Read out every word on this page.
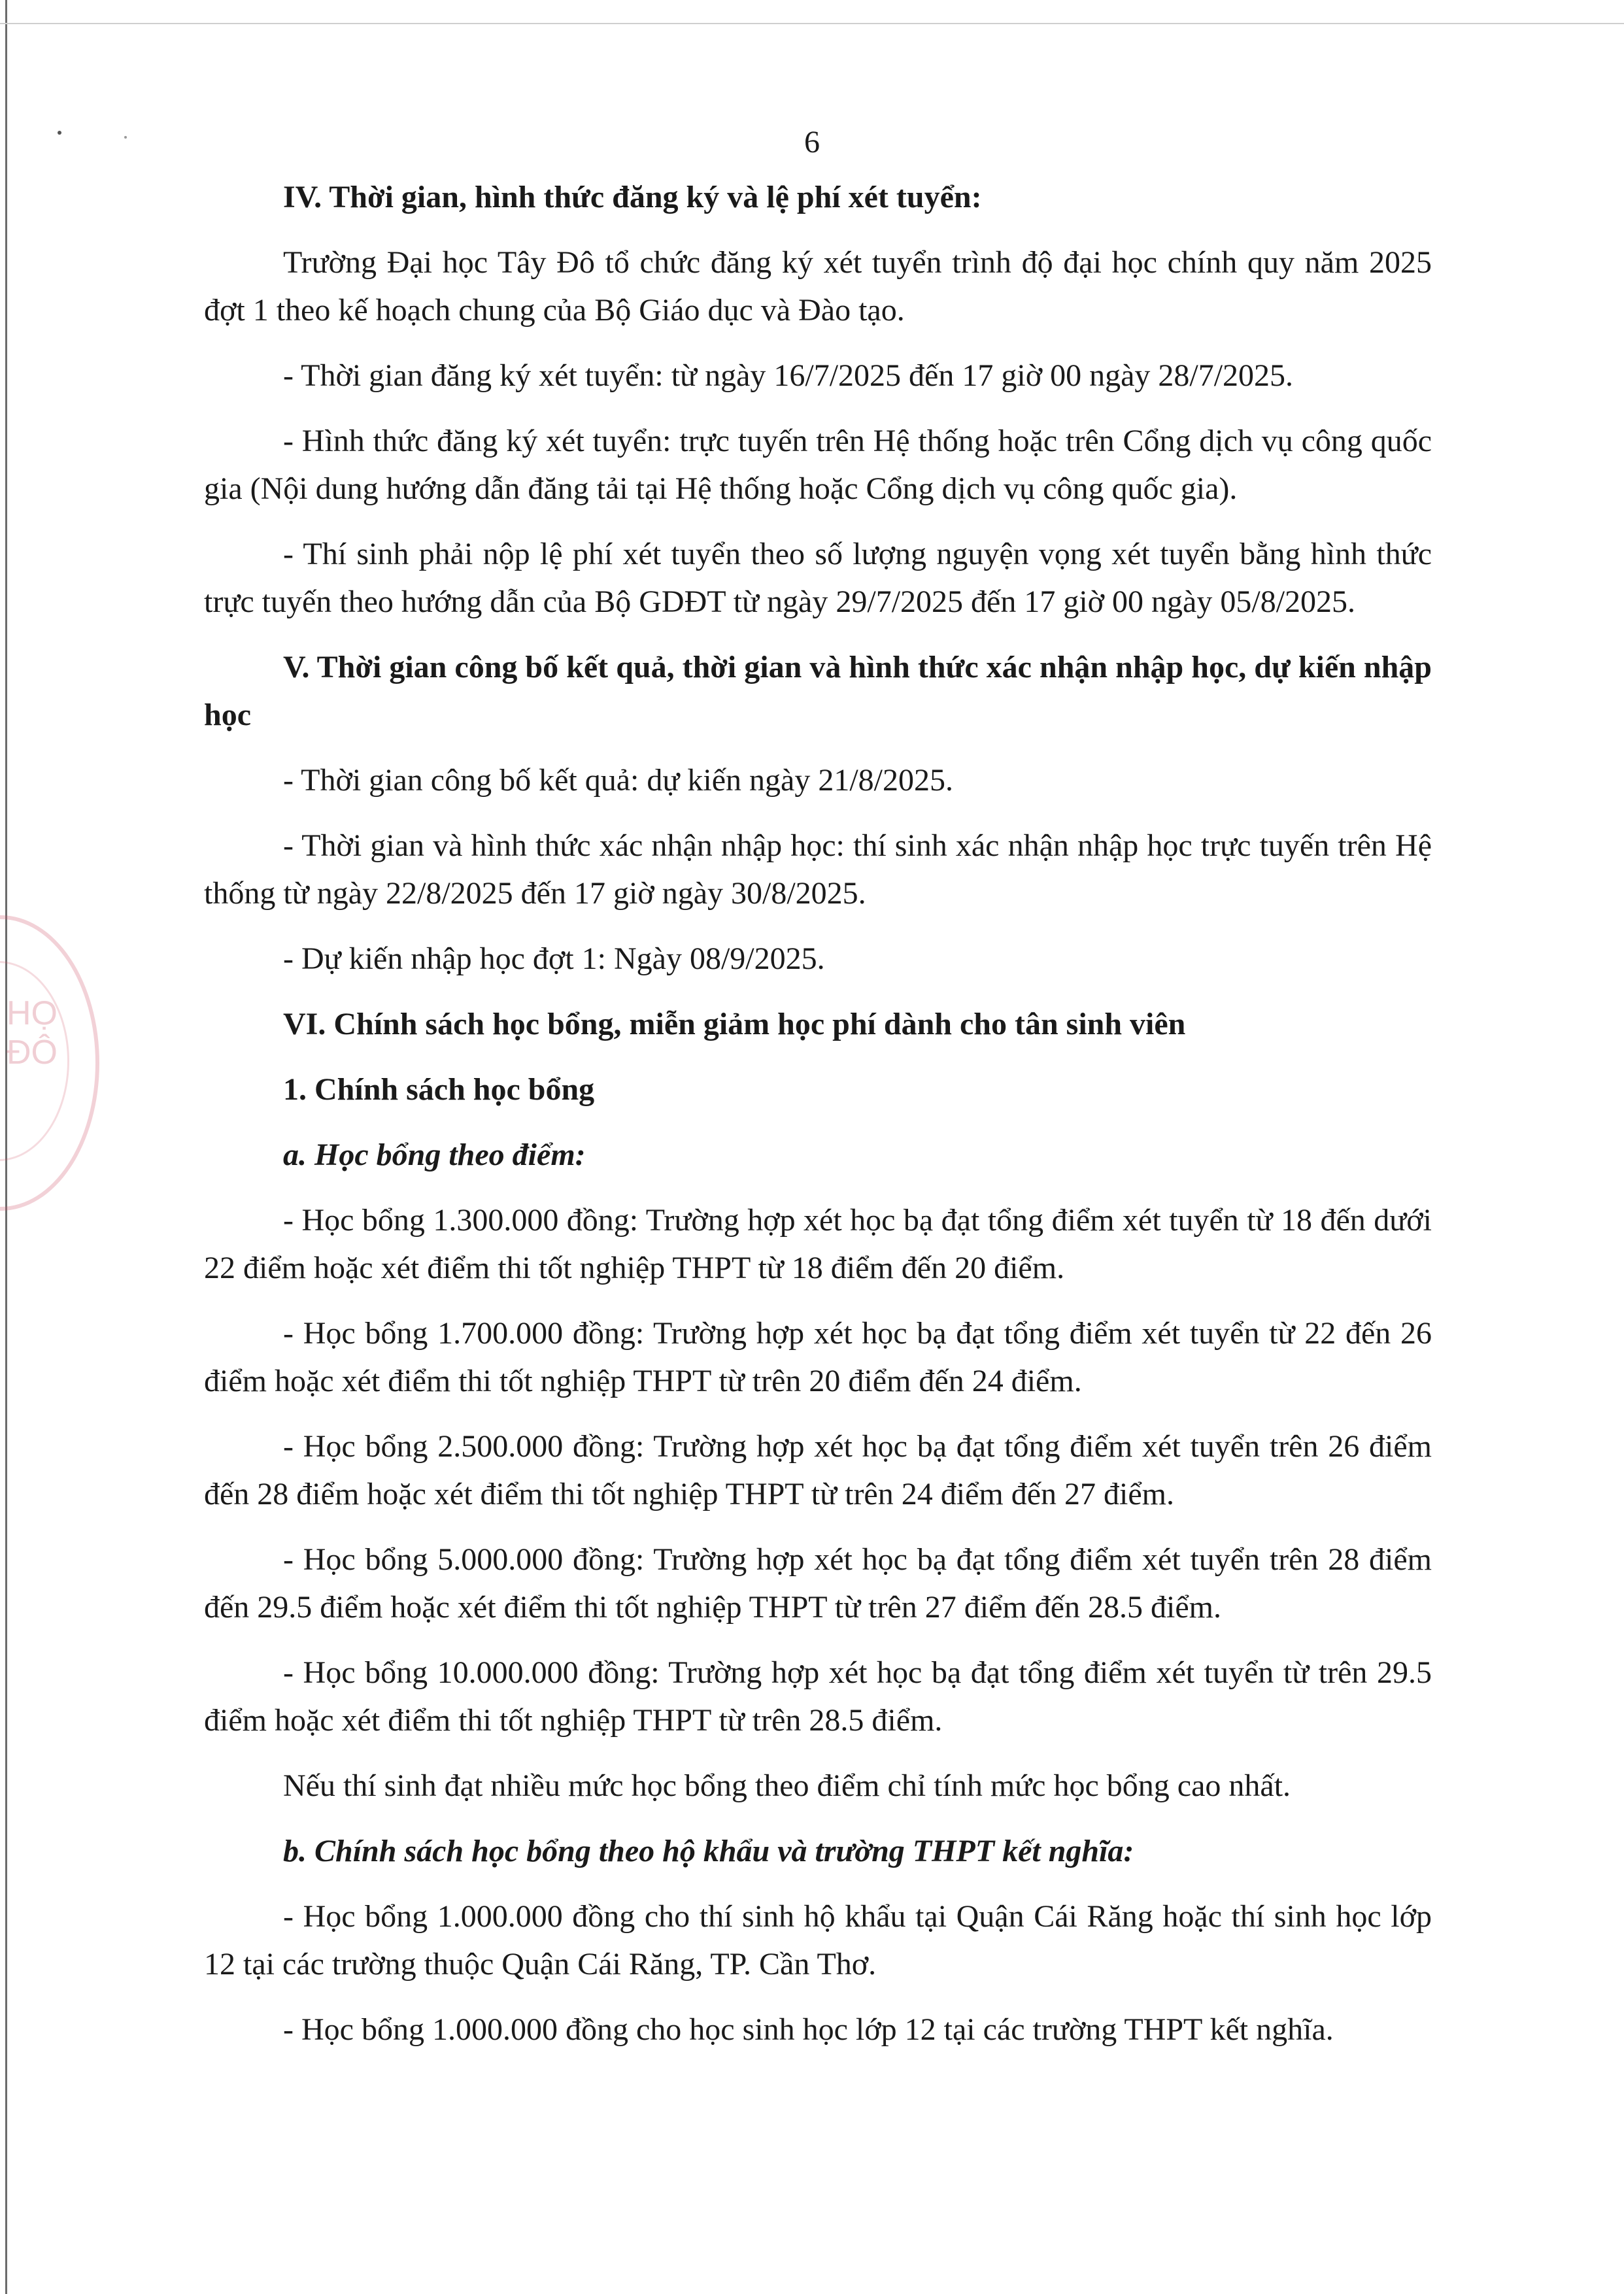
HỌ
ĐÔ
6

IV. Thời gian, hình thức đăng ký và lệ phí xét tuyển:

Trường Đại học Tây Đô tổ chức đăng ký xét tuyển trình độ đại học chính quy năm 2025 đợt 1 theo kế hoạch chung của Bộ Giáo dục và Đào tạo.

- Thời gian đăng ký xét tuyển: từ ngày 16/7/2025 đến 17 giờ 00 ngày 28/7/2025.

- Hình thức đăng ký xét tuyển: trực tuyến trên Hệ thống hoặc trên Cổng dịch vụ công quốc gia (Nội dung hướng dẫn đăng tải tại Hệ thống hoặc Cổng dịch vụ công quốc gia).

- Thí sinh phải nộp lệ phí xét tuyển theo số lượng nguyện vọng xét tuyển bằng hình thức trực tuyến theo hướng dẫn của Bộ GDĐT từ ngày 29/7/2025 đến 17 giờ 00 ngày 05/8/2025.

V. Thời gian công bố kết quả, thời gian và hình thức xác nhận nhập học, dự kiến nhập học

- Thời gian công bố kết quả: dự kiến ngày 21/8/2025.

- Thời gian và hình thức xác nhận nhập học: thí sinh xác nhận nhập học trực tuyến trên Hệ thống từ ngày 22/8/2025 đến 17 giờ ngày 30/8/2025.

- Dự kiến nhập học đợt 1: Ngày 08/9/2025.

VI. Chính sách học bổng, miễn giảm học phí dành cho tân sinh viên

1. Chính sách học bổng

a. Học bổng theo điểm:

- Học bổng 1.300.000 đồng: Trường hợp xét học bạ đạt tổng điểm xét tuyển từ 18 đến dưới 22 điểm hoặc xét điểm thi tốt nghiệp THPT từ 18 điểm đến 20 điểm.

- Học bổng 1.700.000 đồng: Trường hợp xét học bạ đạt tổng điểm xét tuyển từ 22 đến 26 điểm hoặc xét điểm thi tốt nghiệp THPT từ trên 20 điểm đến 24 điểm.

- Học bổng 2.500.000 đồng: Trường hợp xét học bạ đạt tổng điểm xét tuyển trên 26 điểm đến 28 điểm hoặc xét điểm thi tốt nghiệp THPT từ trên 24 điểm đến 27 điểm.

- Học bổng 5.000.000 đồng: Trường hợp xét học bạ đạt tổng điểm xét tuyển trên 28 điểm đến 29.5 điểm hoặc xét điểm thi tốt nghiệp THPT từ trên 27 điểm đến 28.5 điểm.

- Học bổng 10.000.000 đồng: Trường hợp xét học bạ đạt tổng điểm xét tuyển từ trên 29.5 điểm hoặc xét điểm thi tốt nghiệp THPT từ trên 28.5 điểm.

Nếu thí sinh đạt nhiều mức học bổng theo điểm chỉ tính mức học bổng cao nhất.

b. Chính sách học bổng theo hộ khẩu và trường THPT kết nghĩa:

- Học bổng 1.000.000 đồng cho thí sinh hộ khẩu tại Quận Cái Răng hoặc thí sinh học lớp 12 tại các trường thuộc Quận Cái Răng, TP. Cần Thơ.

- Học bổng 1.000.000 đồng cho học sinh học lớp 12 tại các trường THPT kết nghĩa.
